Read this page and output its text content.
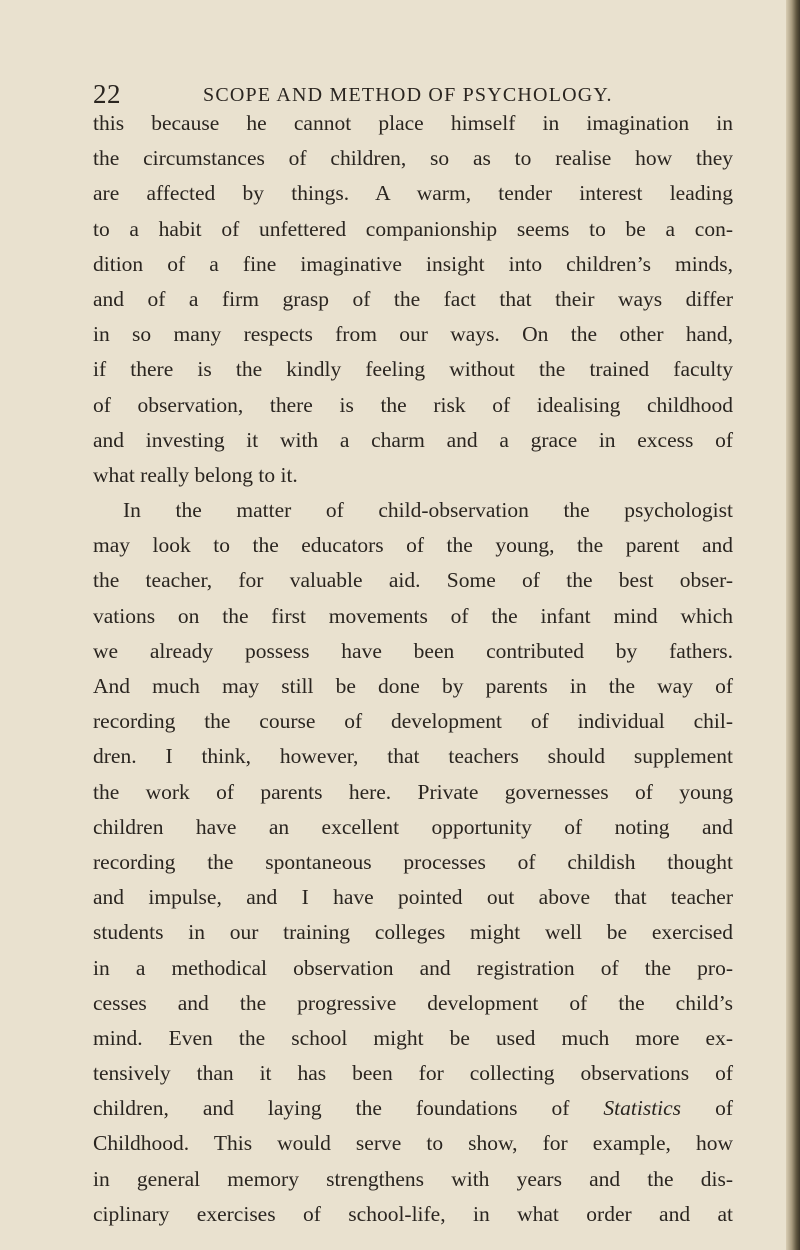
22	SCOPE AND METHOD OF PSYCHOLOGY.
this because he cannot place himself in imagination in
the circumstances of children, so as to realise how they
are affected by things. A warm, tender interest leading
to a habit of unfettered companionship seems to be a con-
dition of a fine imaginative insight into children’s minds,
and of a firm grasp of the fact that their ways differ
in so many respects from our ways. On the other hand,
if there is the kindly feeling without the trained faculty
of observation, there is the risk of idealising childhood
and investing it with a charm and a grace in excess of
what really belong to it.
In the matter of child-observation the psychologist
may look to the educators of the young, the parent and
the teacher, for valuable aid. Some of the best obser-
vations on the first movements of the infant mind which
we already possess have been contributed by fathers.
And much may still be done by parents in the way of
recording the course of development of individual chil-
dren. I think, however, that teachers should supplement
the work of parents here. Private governesses of young
children have an excellent opportunity of noting and
recording the spontaneous processes of childish thought
and impulse, and I have pointed out above that teacher
students in our training colleges might well be exercised
in a methodical observation and registration of the pro-
cesses and the progressive development of the child’s
mind. Even the school might be used much more ex-
tensively than it has been for collecting observations of
children, and laying the foundations of Statistics of
Childhood. This would serve to show, for example, how
in general memory strengthens with years and the dis-
ciplinary exercises of school-life, in what order and at
